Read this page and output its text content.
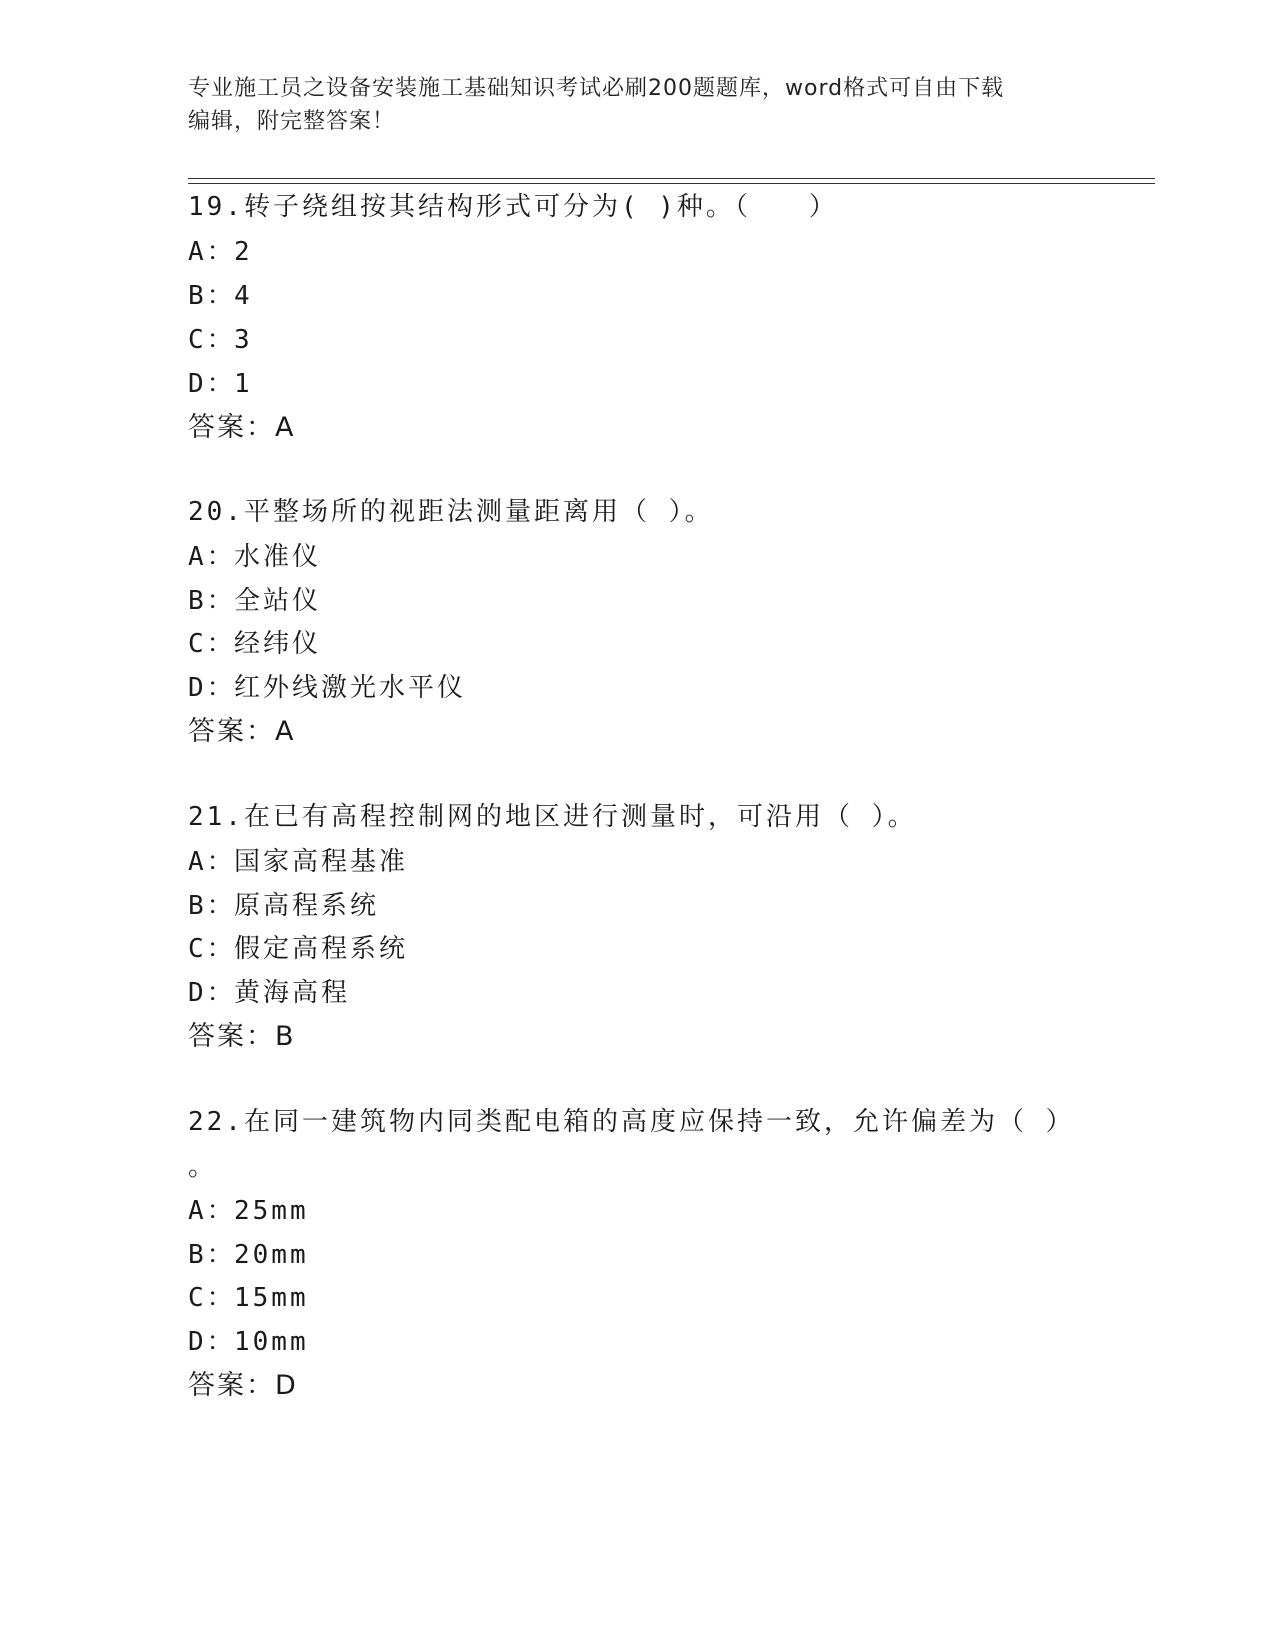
专业施工员之设备安装施工基础知识考试必刷200题题库，word格式可自由下载
编辑，附完整答案！
19.转子绕组按其结构形式可分为( )种。（　　）
A：2
B：4
C：3
D：1
答案：A
20.平整场所的视距法测量距离用（ ）。
A：水准仪
B：全站仪
C：经纬仪
D：红外线激光水平仪
答案：A
21.在已有高程控制网的地区进行测量时，可沿用（ ）。
A：国家高程基准
B：原高程系统
C：假定高程系统
D：黄海高程
答案：B
22.在同一建筑物内同类配电箱的高度应保持一致，允许偏差为（ ）
。
A：25mm
B：20mm
C：15mm
D：10mm
答案：D
